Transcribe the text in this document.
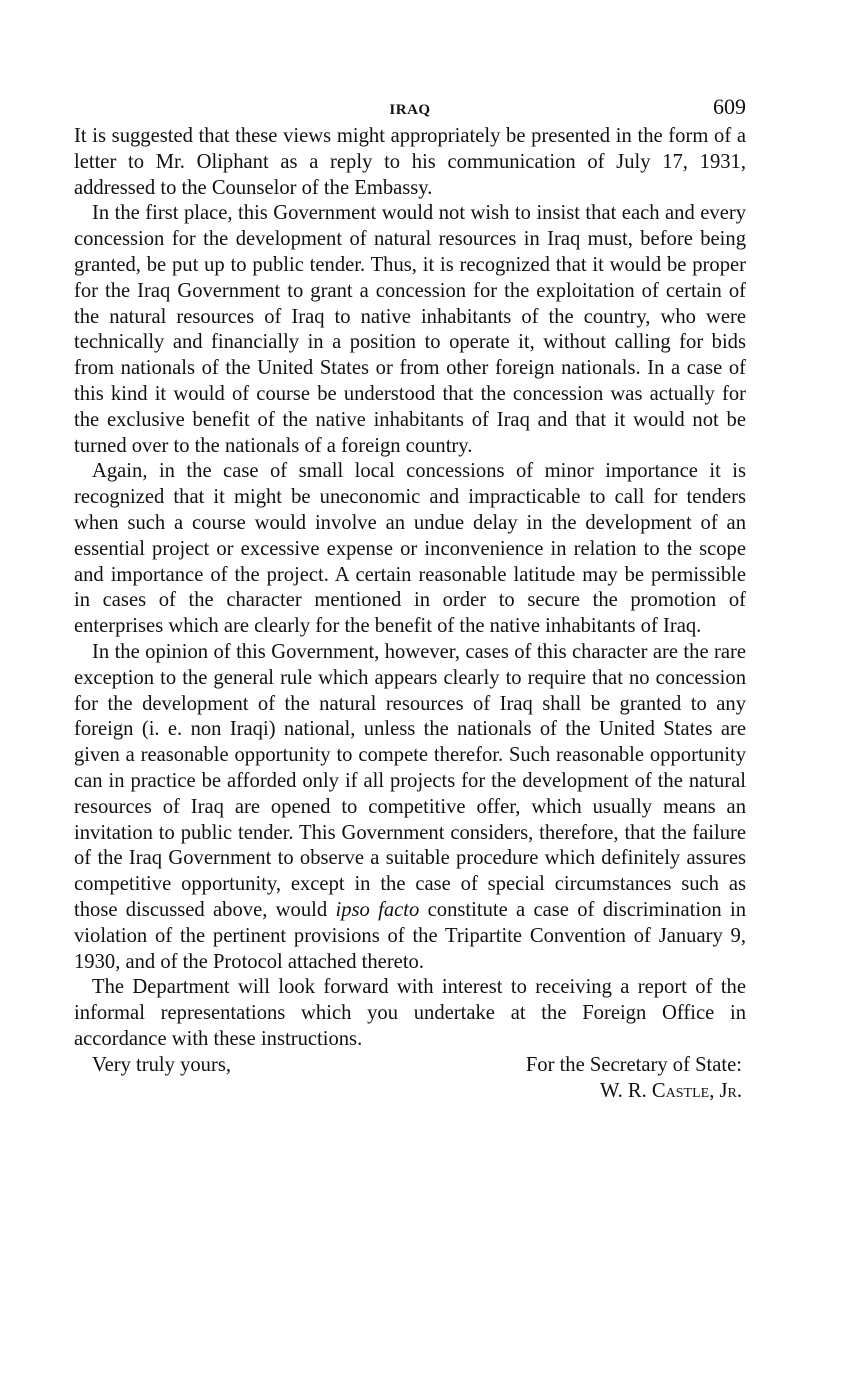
IRAQ	609

It is suggested that these views might appropriately be presented in the form of a letter to Mr. Oliphant as a reply to his communication of July 17, 1931, addressed to the Counselor of the Embassy.

In the first place, this Government would not wish to insist that each and every concession for the development of natural resources in Iraq must, before being granted, be put up to public tender. Thus, it is recognized that it would be proper for the Iraq Government to grant a concession for the exploitation of certain of the natural resources of Iraq to native inhabitants of the country, who were technically and financially in a position to operate it, without calling for bids from nationals of the United States or from other foreign nationals. In a case of this kind it would of course be understood that the concession was actually for the exclusive benefit of the native inhabitants of Iraq and that it would not be turned over to the nationals of a foreign country.

Again, in the case of small local concessions of minor importance it is recognized that it might be uneconomic and impracticable to call for tenders when such a course would involve an undue delay in the development of an essential project or excessive expense or inconvenience in relation to the scope and importance of the project. A certain reasonable latitude may be permissible in cases of the character mentioned in order to secure the promotion of enterprises which are clearly for the benefit of the native inhabitants of Iraq.

In the opinion of this Government, however, cases of this character are the rare exception to the general rule which appears clearly to require that no concession for the development of the natural resources of Iraq shall be granted to any foreign (i. e. non Iraqi) national, unless the nationals of the United States are given a reasonable opportunity to compete therefor. Such reasonable opportunity can in practice be afforded only if all projects for the development of the natural resources of Iraq are opened to competitive offer, which usually means an invitation to public tender. This Government considers, therefore, that the failure of the Iraq Government to observe a suitable procedure which definitely assures competitive opportunity, except in the case of special circumstances such as those discussed above, would ipso facto constitute a case of discrimination in violation of the pertinent provisions of the Tripartite Convention of January 9, 1930, and of the Protocol attached thereto.

The Department will look forward with interest to receiving a report of the informal representations which you undertake at the Foreign Office in accordance with these instructions.

Very truly yours,	For the Secretary of State:
W. R. Castle, Jr.
